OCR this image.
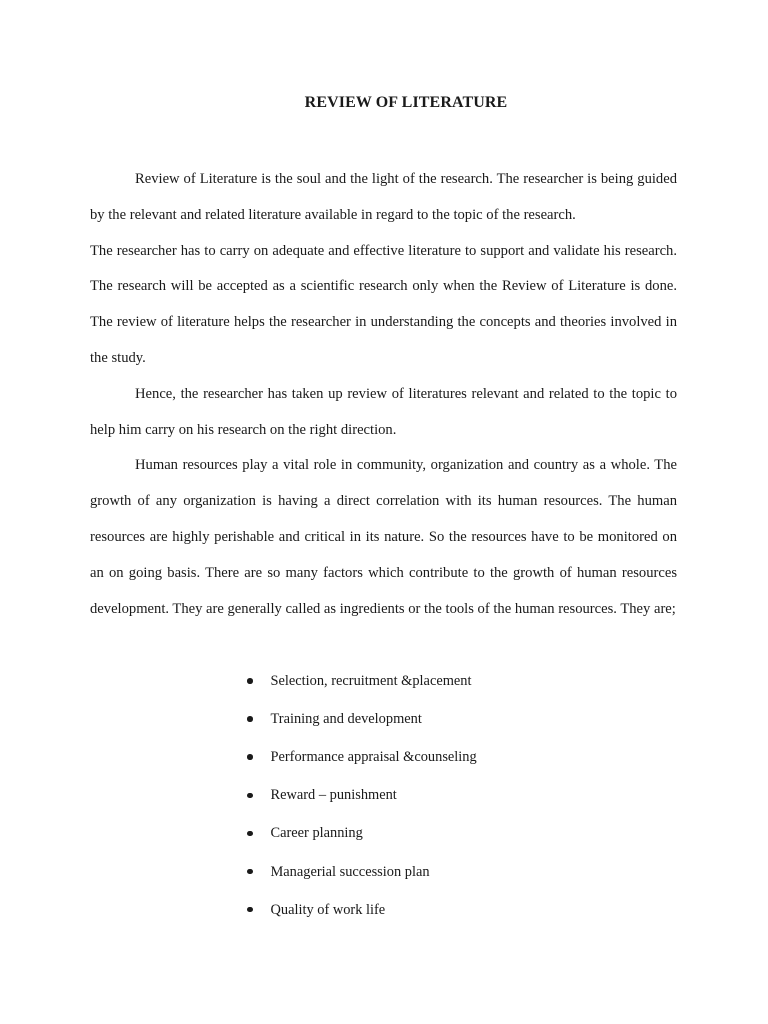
REVIEW OF LITERATURE

Review of Literature is the soul and the light of the research. The researcher is being guided by the relevant and related literature available in regard to the topic of the research.

The researcher has to carry on adequate and effective literature to support and validate his research. The research will be accepted as a scientific research only when the Review of Literature is done. The review of literature helps the researcher in understanding the concepts and theories involved in the study.

Hence, the researcher has taken up review of literatures relevant and related to the topic to help him carry on his research on the right direction.

Human resources play a vital role in community, organization and country as a whole. The growth of any organization is having a direct correlation with its human resources. The human resources are highly perishable and critical in its nature. So the resources have to be monitored on an on going basis. There are so many factors which contribute to the growth of human resources development. They are generally called as ingredients or the tools of the human resources. They are;

Selection, recruitment &placement
Training and development
Performance appraisal &counseling
Reward – punishment
Career planning
Managerial succession plan
Quality of work life
